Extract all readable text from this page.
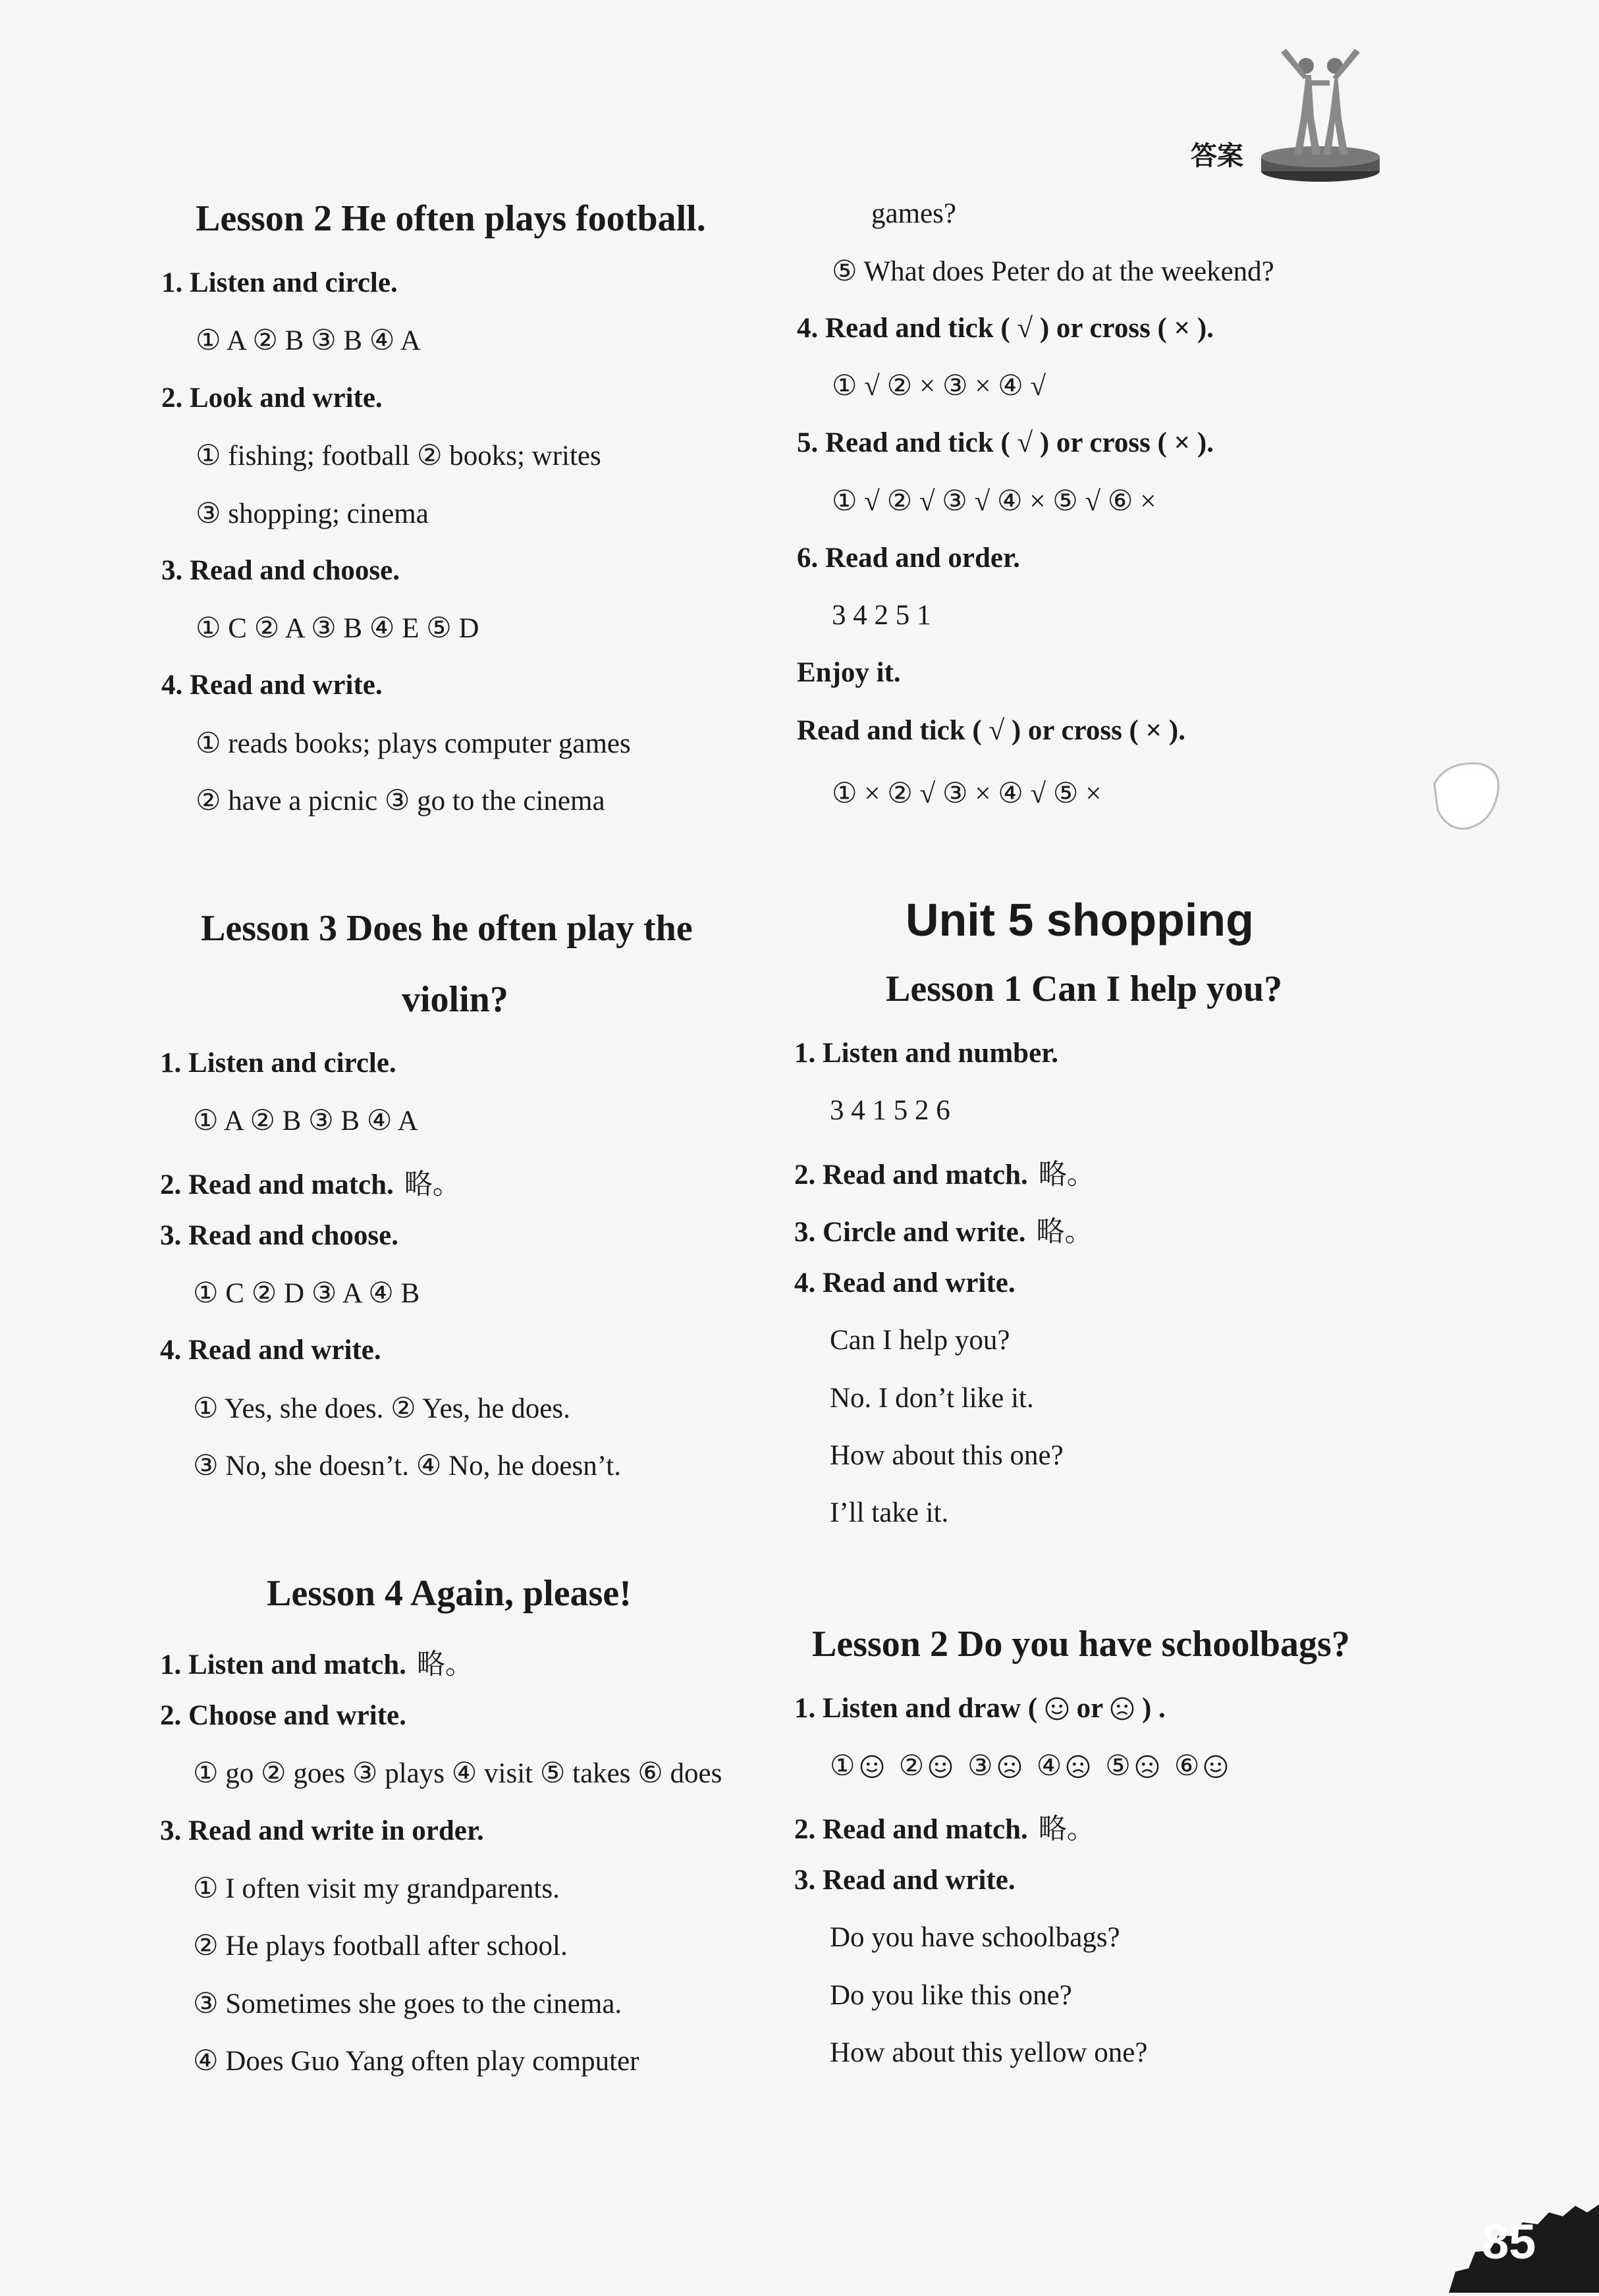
答案
Lesson 2 He often plays football.
1. Listen and circle.
① A ② B ③ B ④ A
2. Look and write.
① fishing; football ② books; writes
③ shopping; cinema
3. Read and choose.
① C ② A ③ B ④ E ⑤ D
4. Read and write.
① reads books; plays computer games
② have a picnic ③ go to the cinema
Lesson 3 Does he often play the
violin?
1. Listen and circle.
① A ② B ③ B ④ A
2. Read and match. 略。
3. Read and choose.
① C ② D ③ A ④ B
4. Read and write.
① Yes, she does. ② Yes, he does.
③ No, she doesn’t. ④ No, he doesn’t.
Lesson 4 Again, please!
1. Listen and match. 略。
2. Choose and write.
① go ② goes ③ plays ④ visit ⑤ takes ⑥ does
3. Read and write in order.
① I often visit my grandparents.
② He plays football after school.
③ Sometimes she goes to the cinema.
④ Does Guo Yang often play computer
games?
⑤ What does Peter do at the weekend?
4. Read and tick ( √ ) or cross ( × ).
① √ ② × ③ × ④ √
5. Read and tick ( √ ) or cross ( × ).
① √ ② √ ③ √ ④ × ⑤ √ ⑥ ×
6. Read and order.
3 4 2 5 1
Enjoy it.
Read and tick ( √ ) or cross ( × ).
① × ② √ ③ × ④ √ ⑤ ×
Unit 5 shopping
Lesson 1 Can I help you?
1. Listen and number.
3 4 1 5 2 6
2. Read and match. 略。
3. Circle and write. 略。
4. Read and write.
Can I help you?
No. I don’t like it.
How about this one?
I’ll take it.
Lesson 2 Do you have schoolbags?
1. Listen and draw ( or ) .
① ② ③ ④ ⑤ ⑥
2. Read and match. 略。
3. Read and write.
Do you have schoolbags?
Do you like this one?
How about this yellow one?
85
